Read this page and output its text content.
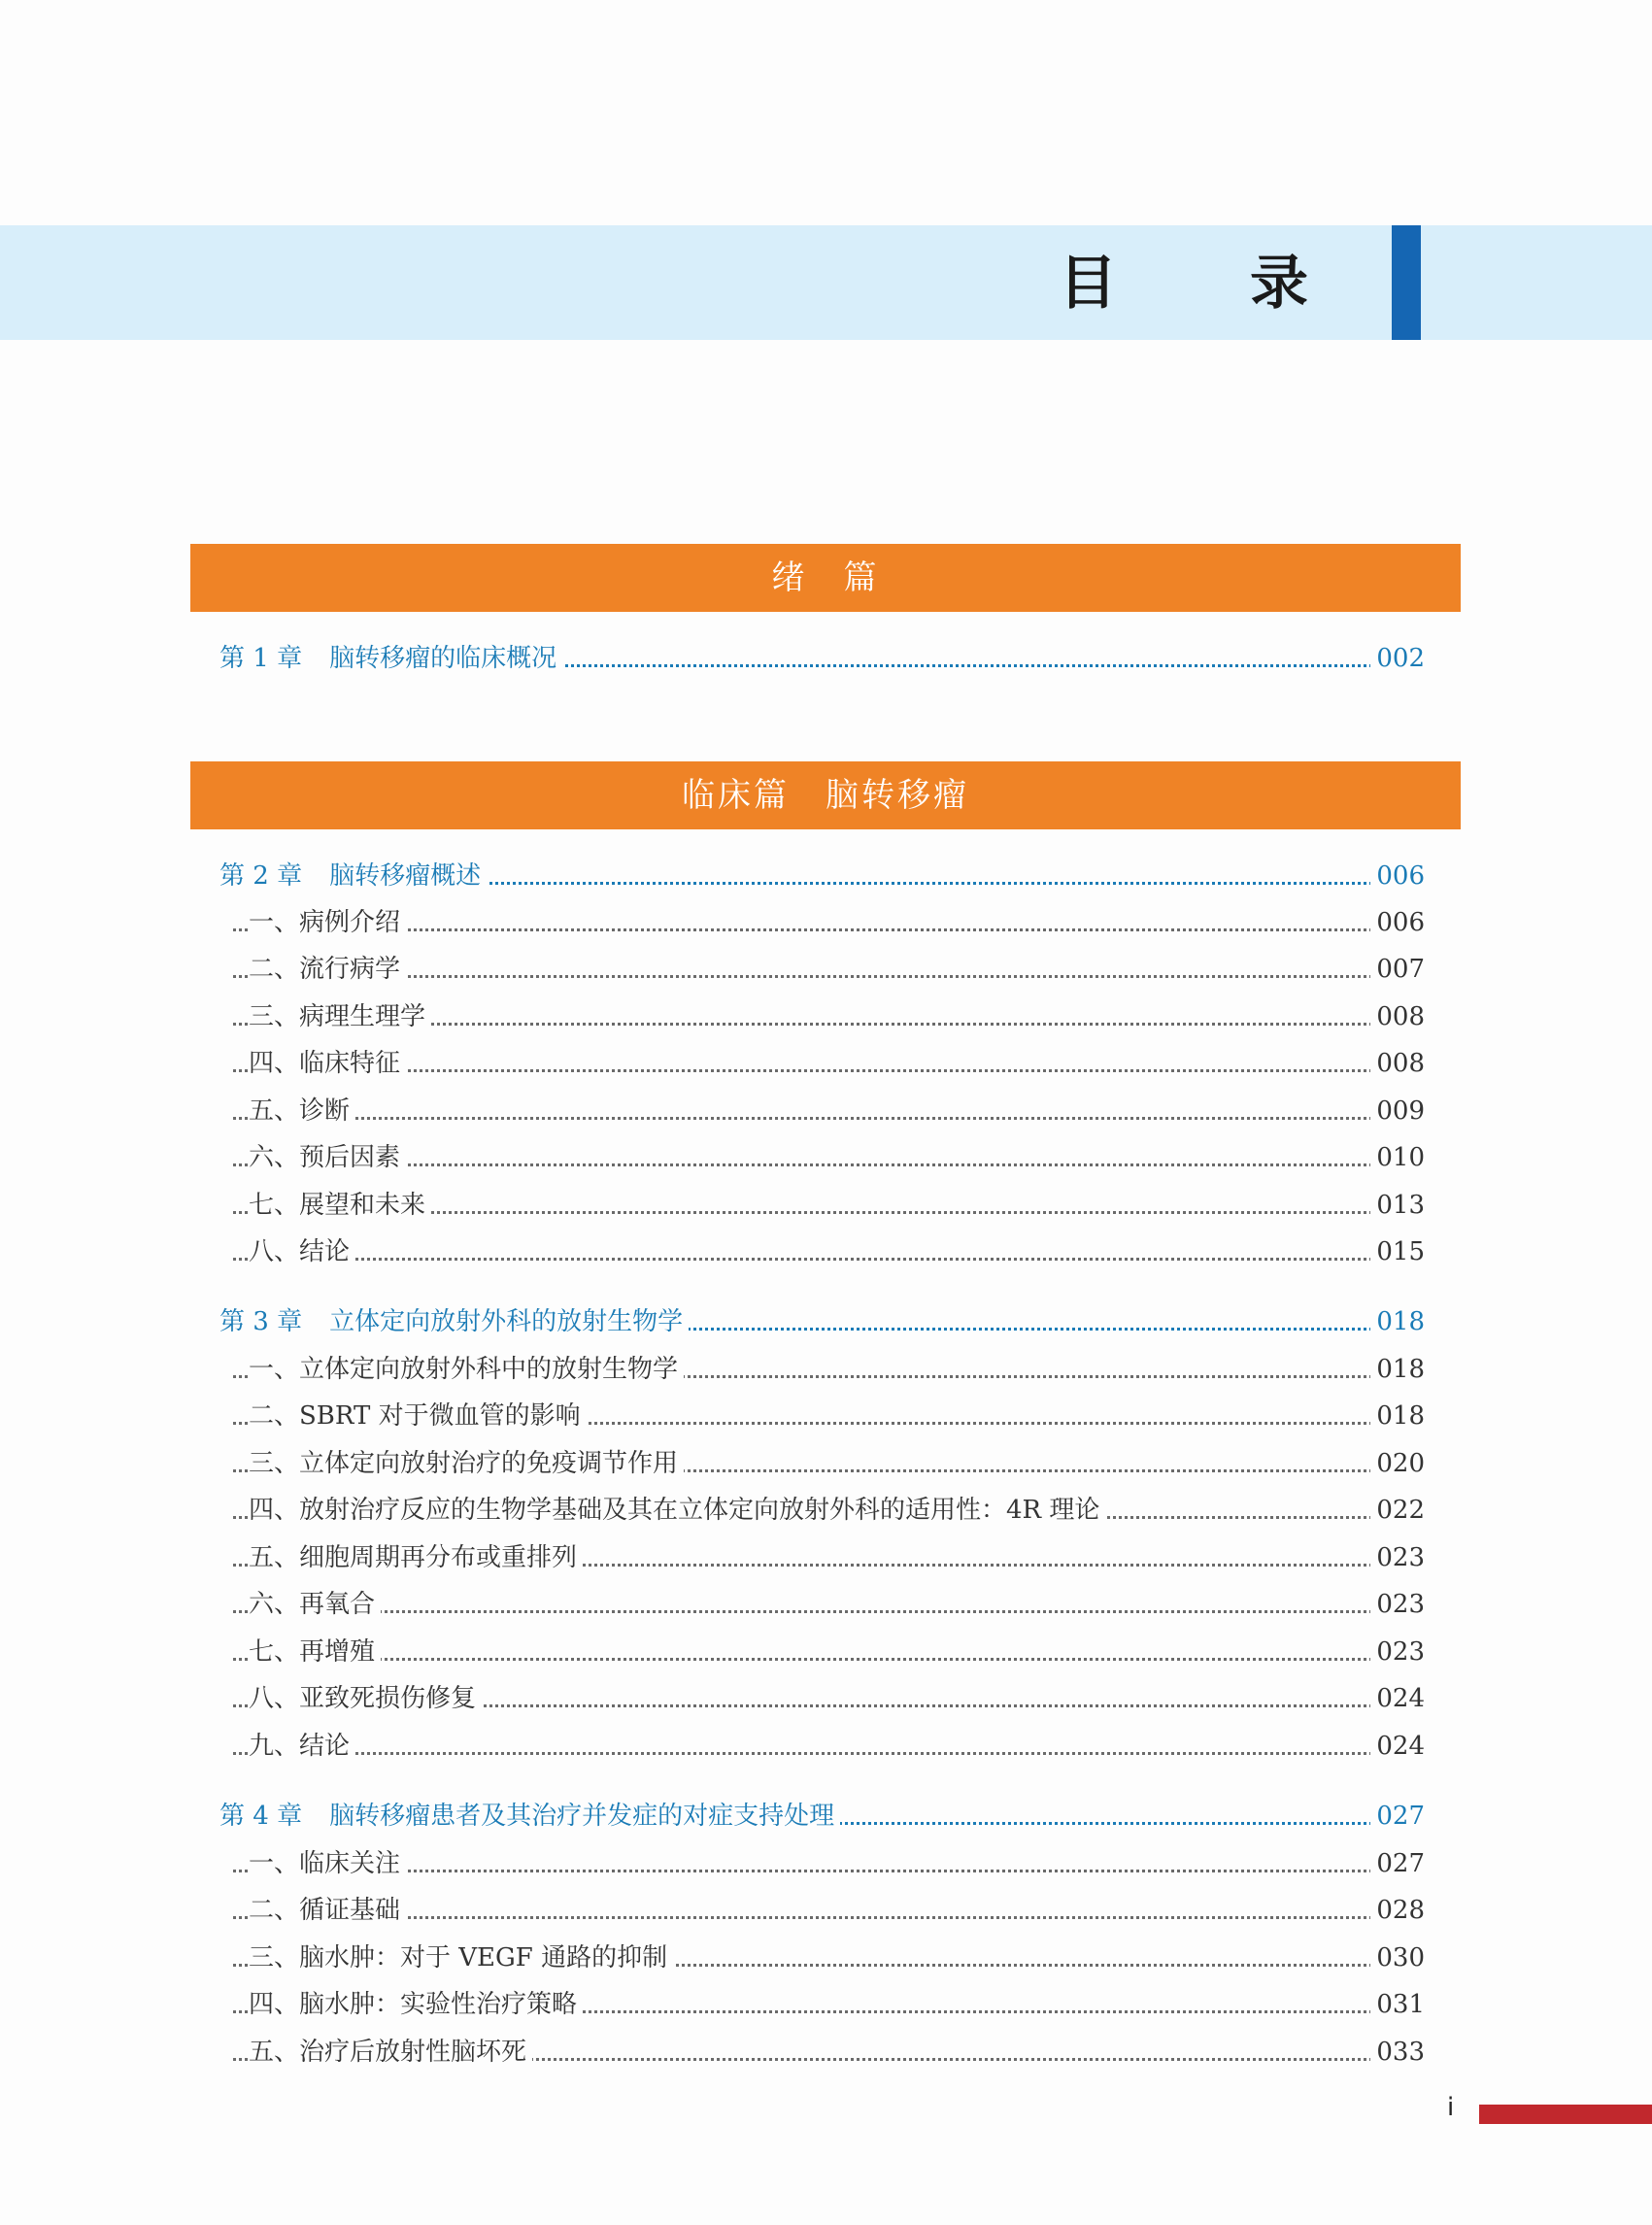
目 录
绪　篇
第 1 章 脑转移瘤的临床概况	002
临床篇　脑转移瘤
第 2 章 脑转移瘤概述	006
一、病例介绍	006
二、流行病学	007
三、病理生理学	008
四、临床特征	008
五、诊断	009
六、预后因素	010
七、展望和未来	013
八、结论	015
第 3 章 立体定向放射外科的放射生物学	018
一、立体定向放射外科中的放射生物学	018
二、SBRT 对于微血管的影响	018
三、立体定向放射治疗的免疫调节作用	020
四、放射治疗反应的生物学基础及其在立体定向放射外科的适用性：4R 理论	022
五、细胞周期再分布或重排列	023
六、再氧合	023
七、再增殖	023
八、亚致死损伤修复	024
九、结论	024
第 4 章 脑转移瘤患者及其治疗并发症的对症支持处理	027
一、临床关注	027
二、循证基础	028
三、脑水肿：对于 VEGF 通路的抑制	030
四、脑水肿：实验性治疗策略	031
五、治疗后放射性脑坏死	033
i
